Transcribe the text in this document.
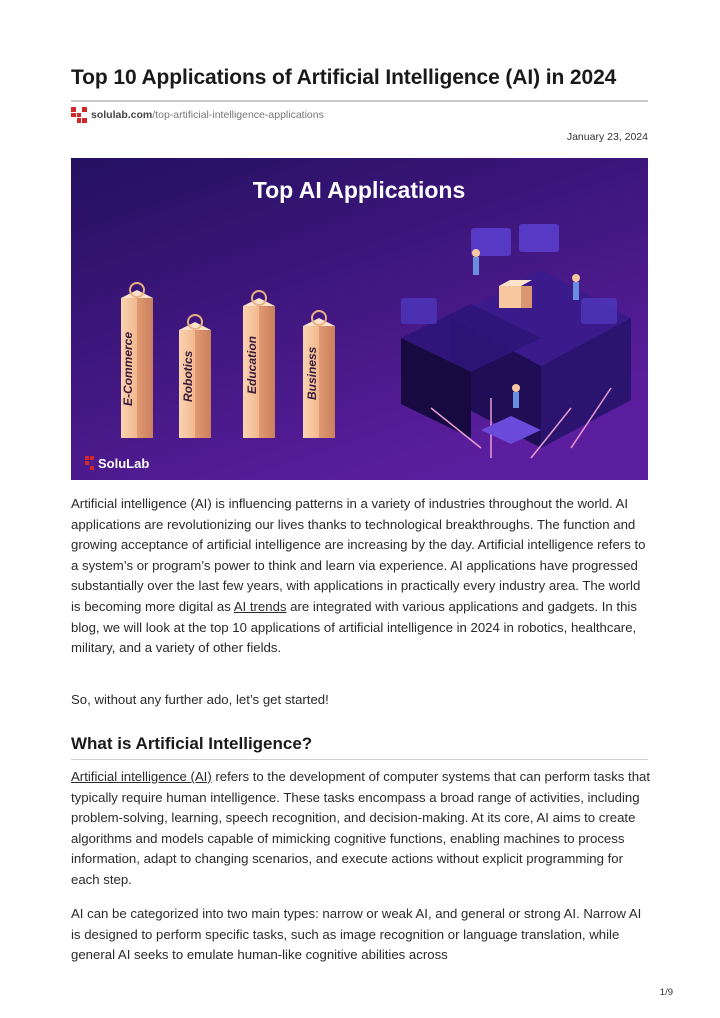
Top 10 Applications of Artificial Intelligence (AI) in 2024
solulab.com /top-artificial-intelligence-applications
January 23, 2024
Top AI Applications
E-Commerce	Robotics	Education	Business
SoluLab

Artificial intelligence (AI) is influencing patterns in a variety of industries throughout the world. AI applications are revolutionizing our lives thanks to technological breakthroughs. The function and growing acceptance of artificial intelligence are increasing by the day. Artificial intelligence refers to a system’s or program’s power to think and learn via experience. AI applications have progressed substantially over the last few years, with applications in practically every industry area. The world is becoming more digital as AI trends are integrated with various applications and gadgets. In this blog, we will look at the top 10 applications of artificial intelligence in 2024 in robotics, healthcare, military, and a variety of other fields.

So, without any further ado, let’s get started!

What is Artificial Intelligence?

Artificial intelligence (AI) refers to the development of computer systems that can perform tasks that typically require human intelligence. These tasks encompass a broad range of activities, including problem-solving, learning, speech recognition, and decision-making. At its core, AI aims to create algorithms and models capable of mimicking cognitive functions, enabling machines to process information, adapt to changing scenarios, and execute actions without explicit programming for each step.

AI can be categorized into two main types: narrow or weak AI, and general or strong AI. Narrow AI is designed to perform specific tasks, such as image recognition or language translation, while general AI seeks to emulate human-like cognitive abilities across

1/9
